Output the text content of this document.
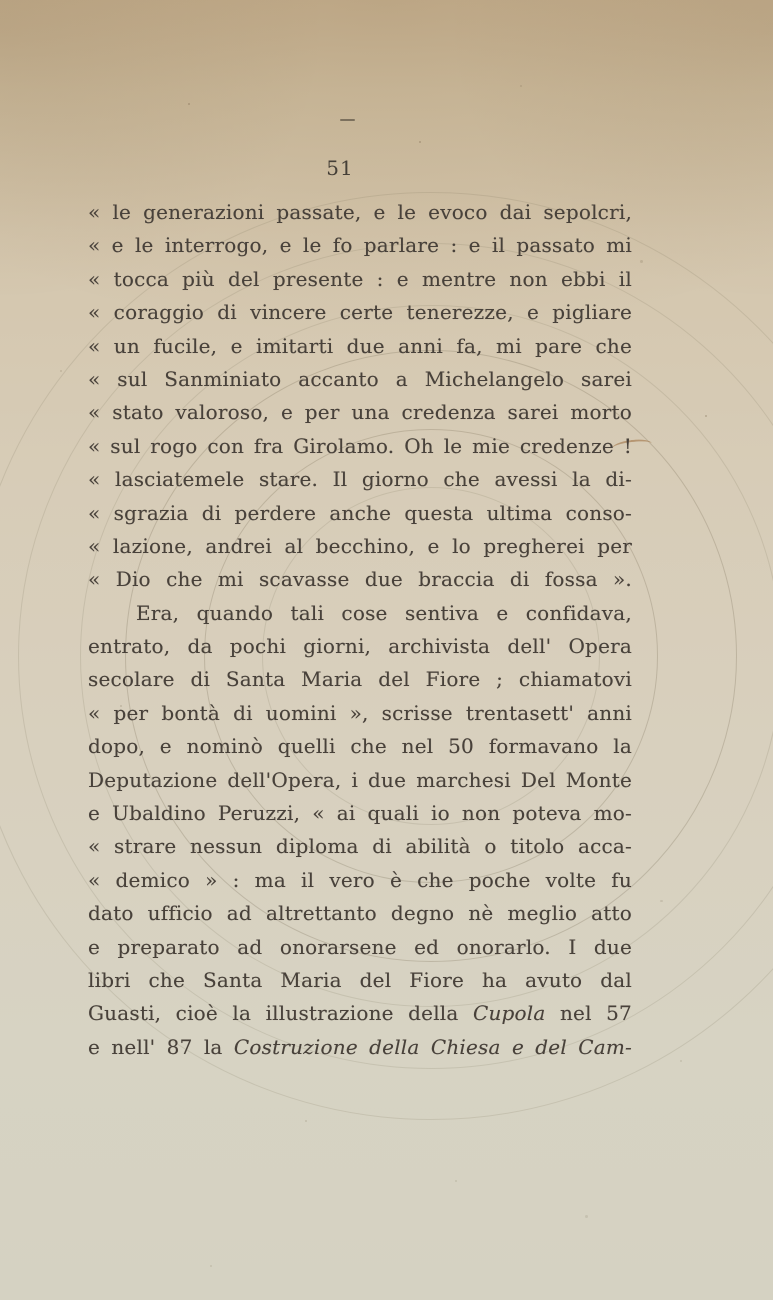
51
« le generazioni passate, e le evoco dai sepolcri,
« e le interrogo, e le fo parlare : e il passato mi
« tocca più del presente : e mentre non ebbi il
« coraggio di vincere certe tenerezze, e pigliare
« un fucile, e imitarti due anni fa, mi pare che
« sul Sanminiato accanto a Michelangelo sarei
« stato valoroso, e per una credenza sarei morto
« sul rogo con fra Girolamo. Oh le mie credenze !
« lasciatemele stare. Il giorno che avessi la di-
« sgrazia di perdere anche questa ultima conso-
« lazione, andrei al becchino, e lo pregherei per
« Dio che mi scavasse due braccia di fossa ».
Era, quando tali cose sentiva e confidava,
entrato, da pochi giorni, archivista dell' Opera
secolare di Santa Maria del Fiore ; chiamatovi
« per bontà di uomini », scrisse trentasett' anni
dopo, e nominò quelli che nel 50 formavano la
Deputazione dell'Opera, i due marchesi Del Monte
e Ubaldino Peruzzi, « ai quali io non poteva mo-
« strare nessun diploma di abilità o titolo acca-
« demico » : ma il vero è che poche volte fu
dato ufficio ad altrettanto degno nè meglio atto
e preparato ad onorarsene ed onorarlo. I due
libri che Santa Maria del Fiore ha avuto dal
Guasti, cioè la illustrazione della Cupola nel 57
e nell' 87 la Costruzione della Chiesa e del Cam-
